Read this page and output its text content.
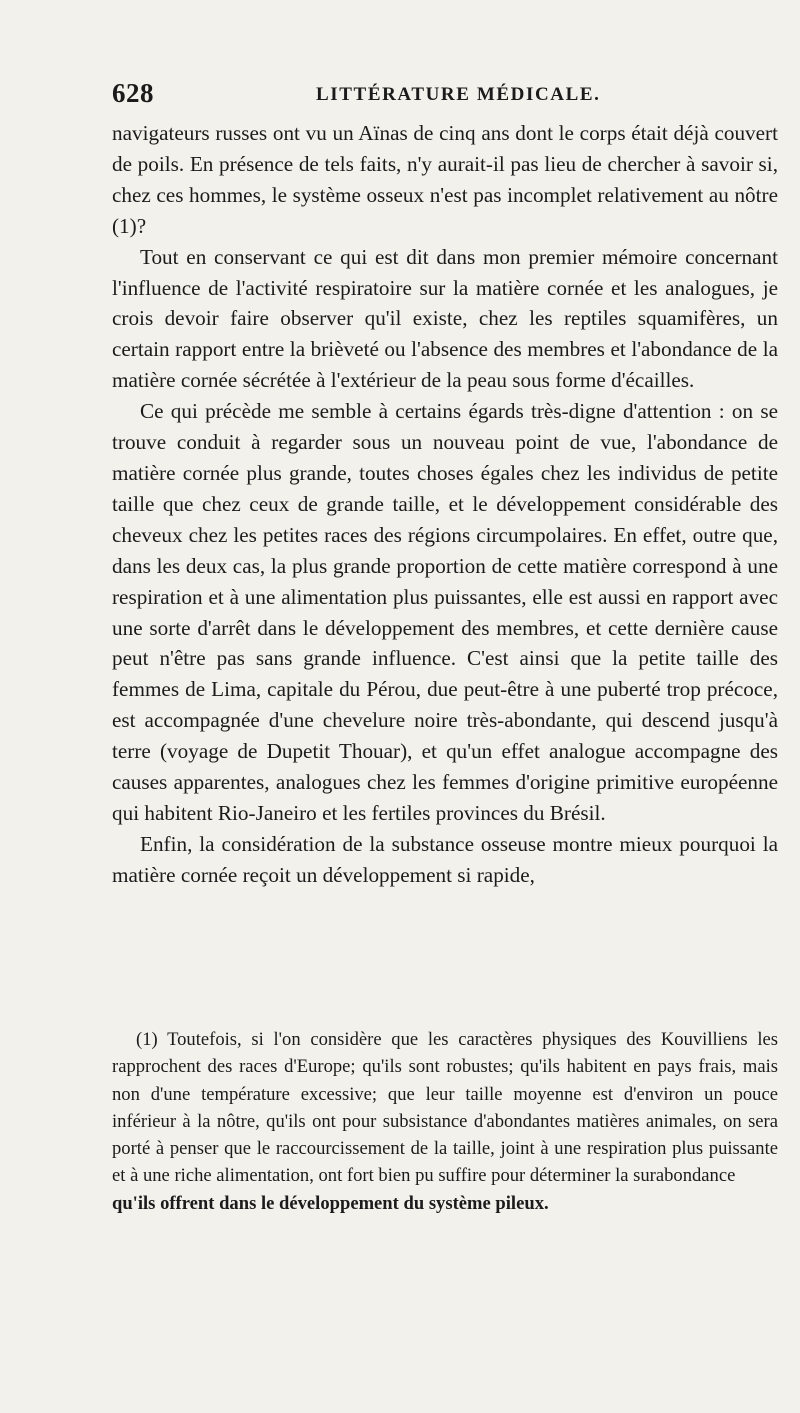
628	LITTÉRATURE MÉDICALE.

navigateurs russes ont vu un Aïnas de cinq ans dont le corps était déjà couvert de poils. En présence de tels faits, n'y aurait-il pas lieu de chercher à savoir si, chez ces hommes, le système osseux n'est pas incomplet relativement au nôtre (1)?

Tout en conservant ce qui est dit dans mon premier mémoire concernant l'influence de l'activité respiratoire sur la matière cornée et les analogues, je crois devoir faire observer qu'il existe, chez les reptiles squamifères, un certain rapport entre la brièveté ou l'absence des membres et l'abondance de la matière cornée sécrétée à l'extérieur de la peau sous forme d'écailles.

Ce qui précède me semble à certains égards très-digne d'attention : on se trouve conduit à regarder sous un nouveau point de vue, l'abondance de matière cornée plus grande, toutes choses égales chez les individus de petite taille que chez ceux de grande taille, et le développement considérable des cheveux chez les petites races des régions circumpolaires. En effet, outre que, dans les deux cas, la plus grande proportion de cette matière correspond à une respiration et à une alimentation plus puissantes, elle est aussi en rapport avec une sorte d'arrêt dans le développement des membres, et cette dernière cause peut n'être pas sans grande influence. C'est ainsi que la petite taille des femmes de Lima, capitale du Pérou, due peut-être à une puberté trop précoce, est accompagnée d'une chevelure noire très-abondante, qui descend jusqu'à terre (voyage de Dupetit Thouar), et qu'un effet analogue accompagne des causes apparentes, analogues chez les femmes d'origine primitive européenne qui habitent Rio-Janeiro et les fertiles provinces du Brésil.

Enfin, la considération de la substance osseuse montre mieux pourquoi la matière cornée reçoit un développement si rapide,

(1) Toutefois, si l'on considère que les caractères physiques des Kouvilliens les rapprochent des races d'Europe; qu'ils sont robustes; qu'ils habitent en pays frais, mais non d'une température excessive; que leur taille moyenne est d'environ un pouce inférieur à la nôtre, qu'ils ont pour subsistance d'abondantes matières animales, on sera porté à penser que le raccourcissement de la taille, joint à une respiration plus puissante et à une riche alimentation, ont fort bien pu suffire pour déterminer la surabondance

qu'ils offrent dans le développement du système pileux.
